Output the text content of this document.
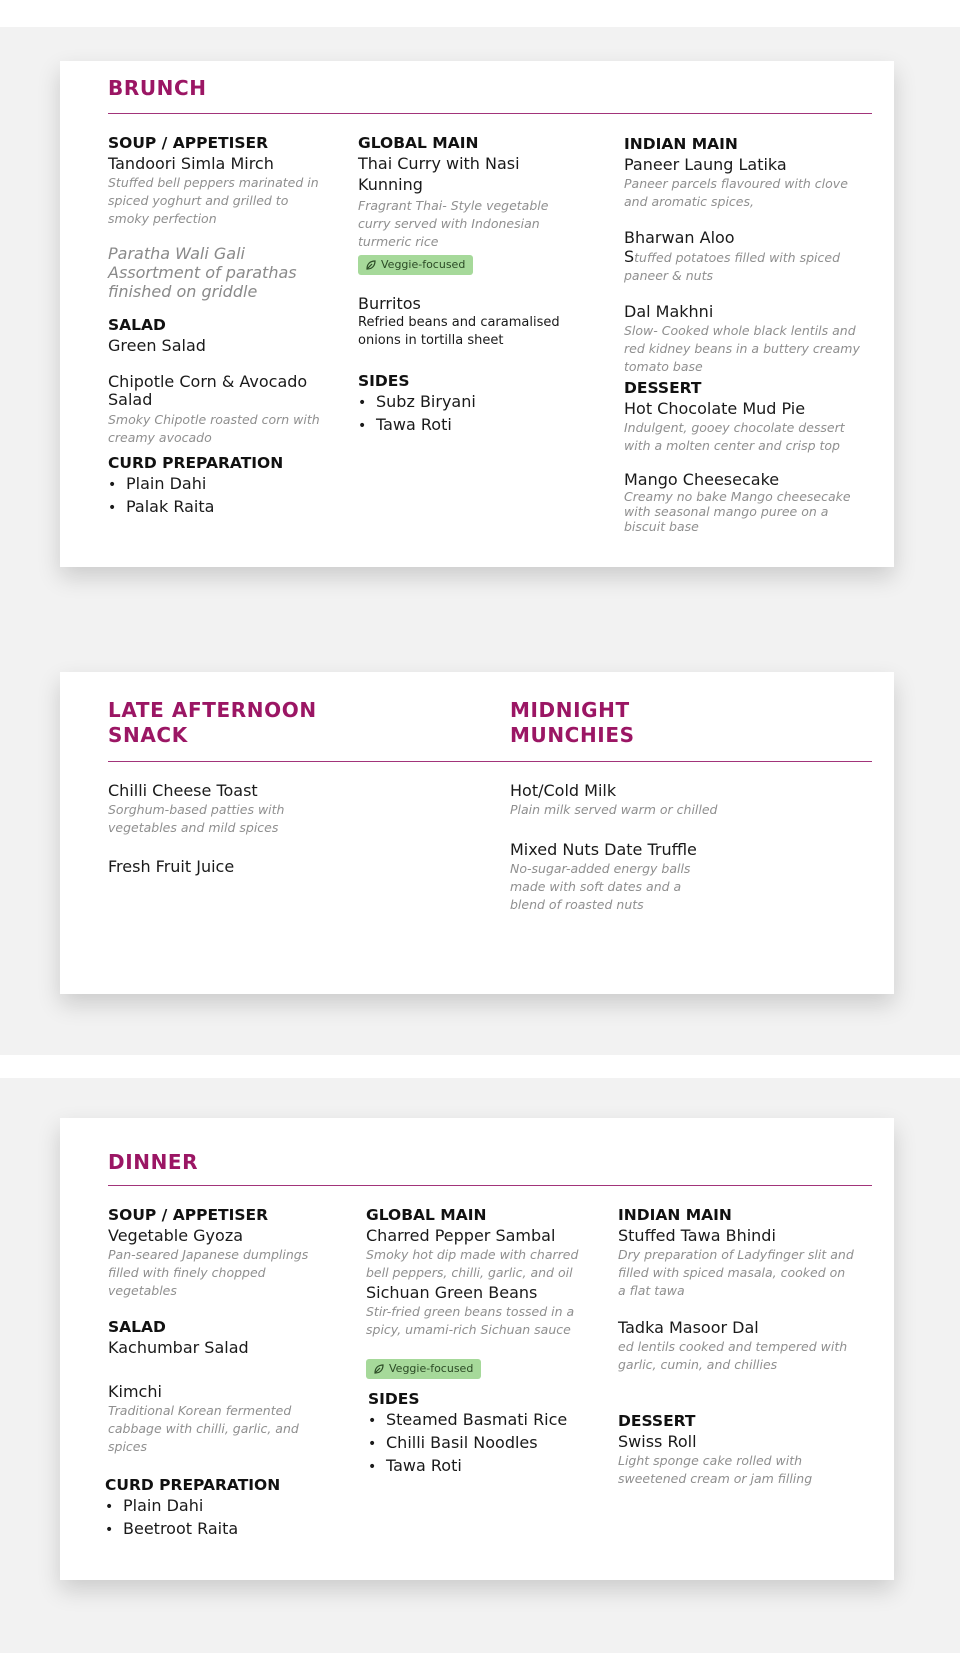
BRUNCH
SOUP / APPETISER
Tandoori Simla Mirch
Stuffed bell peppers marinated in spiced yoghurt and grilled to smoky perfection
Paratha Wali Gali
Assortment of parathas finished on griddle
SALAD
Green Salad
Chipotle Corn & Avocado Salad
Smoky Chipotle roasted corn with creamy avocado
CURD PREPARATION
• Plain Dahi
• Palak Raita
GLOBAL MAIN
Thai Curry with Nasi Kunning
Fragrant Thai- Style vegetable curry served with Indonesian turmeric rice
Veggie-focused
Burritos
Refried beans and caramalised onions in tortilla sheet
SIDES
• Subz Biryani
• Tawa Roti
INDIAN MAIN
Paneer Laung Latika
Paneer parcels flavoured with clove and aromatic spices,
Bharwan Aloo
Stuffed potatoes filled with spiced paneer & nuts
Dal Makhni
Slow- Cooked whole black lentils and red kidney beans in a buttery creamy tomato base
DESSERT
Hot Chocolate Mud Pie
Indulgent, gooey chocolate dessert with a molten center and crisp top
Mango Cheesecake
Creamy no bake Mango cheesecake with seasonal mango puree on a biscuit base
LATE AFTERNOON
SNACK
MIDNIGHT
MUNCHIES
Chilli Cheese Toast
Sorghum-based patties with vegetables and mild spices
Fresh Fruit Juice
Hot/Cold Milk
Plain milk served warm or chilled
Mixed Nuts Date Truffle
No-sugar-added energy balls made with soft dates and a blend of roasted nuts
DINNER
SOUP / APPETISER
Vegetable Gyoza
Pan-seared Japanese dumplings filled with finely chopped vegetables
SALAD
Kachumbar Salad
Kimchi
Traditional Korean fermented cabbage with chilli, garlic, and spices
CURD PREPARATION
• Plain Dahi
• Beetroot Raita
GLOBAL MAIN
Charred Pepper Sambal
Smoky hot dip made with charred bell peppers, chilli, garlic, and oil
Sichuan Green Beans
Stir-fried green beans tossed in a spicy, umami-rich Sichuan sauce
Veggie-focused
SIDES
• Steamed Basmati Rice
• Chilli Basil Noodles
• Tawa Roti
INDIAN MAIN
Stuffed Tawa Bhindi
Dry preparation of Ladyfinger slit and filled with spiced masala, cooked on a flat tawa
Tadka Masoor Dal
ed lentils cooked and tempered with garlic, cumin, and chillies
DESSERT
Swiss Roll
Light sponge cake rolled with sweetened cream or jam filling
